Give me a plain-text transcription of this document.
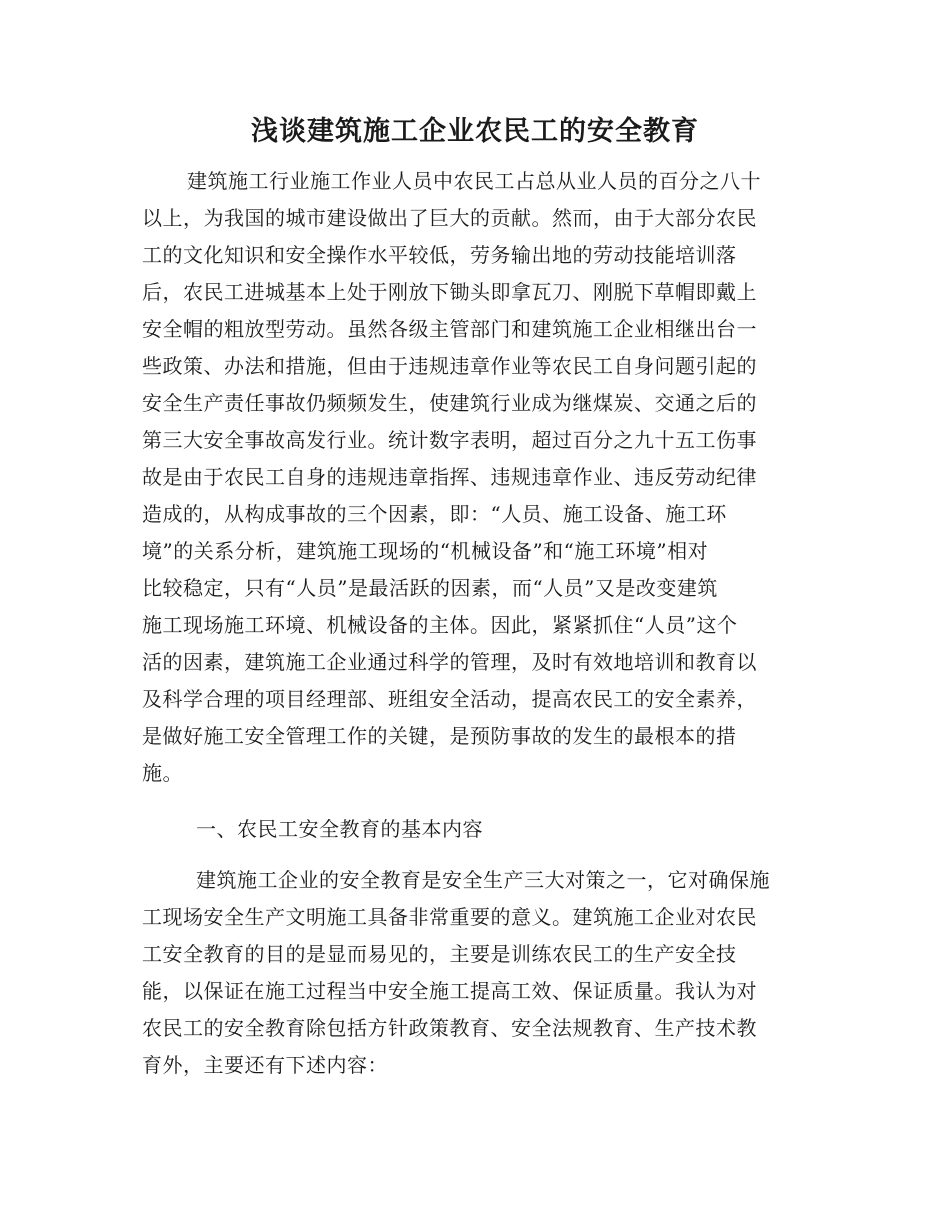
浅谈建筑施工企业农民工的安全教育
建筑施工行业施工作业人员中农民工占总从业人员的百分之八十
以上，为我国的城市建设做出了巨大的贡献。然而，由于大部分农民
工的文化知识和安全操作水平较低，劳务输出地的劳动技能培训落
后，农民工进城基本上处于刚放下锄头即拿瓦刀、刚脱下草帽即戴上
安全帽的粗放型劳动。虽然各级主管部门和建筑施工企业相继出台一
些政策、办法和措施，但由于违规违章作业等农民工自身问题引起的
安全生产责任事故仍频频发生，使建筑行业成为继煤炭、交通之后的
第三大安全事故高发行业。统计数字表明，超过百分之九十五工伤事
故是由于农民工自身的违规违章指挥、违规违章作业、违反劳动纪律
造成的，从构成事故的三个因素，即：“人员、施工设备、施工环
境”的关系分析，建筑施工现场的“机械设备”和“施工环境”相对
比较稳定，只有“人员”是最活跃的因素，而“人员”又是改变建筑
施工现场施工环境、机械设备的主体。因此，紧紧抓住“人员”这个
活的因素，建筑施工企业通过科学的管理，及时有效地培训和教育以
及科学合理的项目经理部、班组安全活动，提高农民工的安全素养，
是做好施工安全管理工作的关键，是预防事故的发生的最根本的措
施。
一、农民工安全教育的基本内容
建筑施工企业的安全教育是安全生产三大对策之一，它对确保施
工现场安全生产文明施工具备非常重要的意义。建筑施工企业对农民
工安全教育的目的是显而易见的，主要是训练农民工的生产安全技
能，以保证在施工过程当中安全施工提高工效、保证质量。我认为对
农民工的安全教育除包括方针政策教育、安全法规教育、生产技术教
育外，主要还有下述内容：
